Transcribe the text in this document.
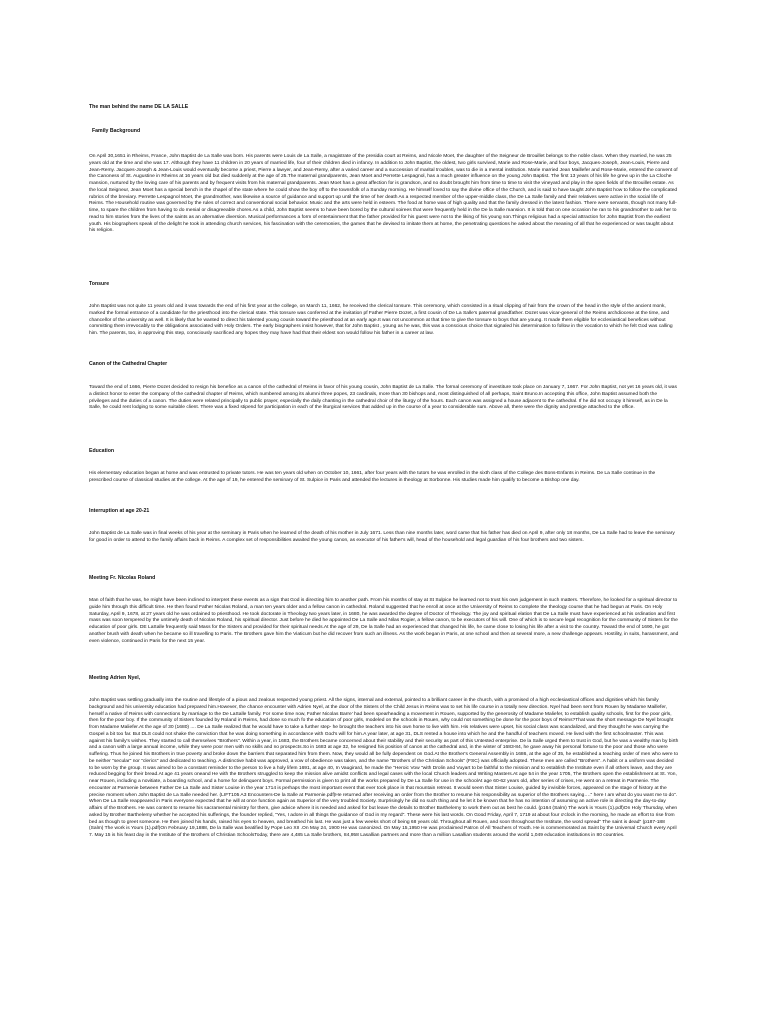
The man behind the name DE LA SALLE
Family Background

On April 30,1651 in Rheims, France, John Baptist de La Salle was born. His parents were Louis de La Salle, a magistrate of the presidia court at Reims, and Nicole Moet, the daughter of the Seigneur de Brouillet belongs to the noble class. When they married, he was 25 years old at the time and she was 17. Although they have 11 children in 20 years of married life, four of their children died in infancy. In addition to John Baptist, the oldest, two girls survived, Marie and Rose-Marie, and four boys, Jacques-Joseph, Jean-Louis, Pierre and Jean-Remy. Jacques-Joseph & Jean-Louis would eventually become a priest, Pierre a lawyer, and Jean-Remy, after a varied career and a succession of marital troubles, was to die in a mental institution. Marie married Jean Maillefer and Rose-Marie, entered the convent of the Canoness of St. Augustine in Rheims at 16 years old but died suddenly at the age of 25.The maternal grandparents, Jean Moet and Perrette Lespagnol, has a much greater influence on the young John Baptist. The first 13 years of his life he grew up in the La Cloche mansion, nurtured by the loving care of his parents and by frequent visits from his maternal grandparents. Jean Moet has a great affection for is grandson, and no doubt brought him from time to time to visit the vineyard and play in the open fields of the Brouillet estate. As the local Seigneur, Jean Moet has a special bench in the chapel of the state where he could show the boy off to the townsfolk of a Sunday morning. He himself loved to say the divine office of the Church, and is said to have taught John Baptist how to follow the complicated rubrics of the breviary. Perrette Lespagnol Moet, the grandmother, was likewise a source of guidance and support up until the time of her death As a respected member of the upper-middle class, the De La Salle family and their relatives were active in the social life of Reims. The Household routine was governed by the rules of correct and conventional social behavior. Music and the arts were held in esteem. The food at home was of high quality and that the family dressed in the latest fashion. There were servants, though not many full-time, to spare the children from having to do menial or disagreeable chores.As a child, John Baptist seems to have been bored by the cultural soirees that were frequently held in the De la Salle mansion. It is told that on one occasion he ran to his grandmother to ask her to read to him stories from the lives of the saints as an alternative diversion. Musical performances a form of entertainment that the father provided for his guest were not to the liking of his young son.Things religious had a special attraction for John Baptist from the earliest youth. His biographers speak of the delight he took in attending church services, his fascination with the ceremonies, the games that he devised to imitate them at home, the penetrating questions he asked about the meaning of all that he experienced or was taught about his religion.

Tonsure

John Baptist was not quite 11 years old and it was towards the end of his first year at the college, on March 11, 1662, he received the clerical tonsure. This ceremony, which consisted in a ritual clipping of hair from the crown of the head in the style of the ancient monk, marked the formal entrance of a candidate for the priesthood into the clerical state. This tonsure was conferred at the invitation pf Father Pierre Dozet, a first cousin of De La Salle's paternal grandfather. Dozet was vicar-general of the Reims archdiocese at the time, and chancellor of the university as well. It is likely that he wanted to direct his talented young cousin toward the priesthood at an early age.It was not uncommon at that time to give the tonsure to boys that are young. It made them eligible for ecclesiastical benefices without committing them irrevocably to the obligations associated with Holy Orders. The early biographers insist however, that for John Baptist , young as he was, this was a conscious choice that signaled his determination to follow in the vocation to which he felt God was calling him. The parents, too, in approving this step, consciously sacrificed any hopes they may have had that their eldest son would follow his father in a career at law.

Canon of the Cathedral Chapter

Toward the end of 1666, Pierre Dozet decided to resign his benefice as a canon of the cathedral of Reims in favor of his young cousin, John Baptist de La Salle. The formal ceremony of investiture took place on January 7, 1667. For John Baptist, not yet 16 years old, it was a distinct honor to enter the company of the cathedral chapter of Reims, which numbered among its alumni three popes, 23 cardinals, more than 30 bishops and, most distinguished of all perhaps, Saint Bruno.In accepting this office, John Baptist assumed both the privileges and the duties of a canon. The duties were related principally to public prayer, especially the daily chanting in the cathedral choir of the liturgy of the hours. Each canon was assigned a house adjacent to the cathedral. If he did not occupy it himself, as in De la Salle, he could rent lodging to some suitable client. There was a fixed stipend for participation in each of the liturgical services that added up in the course of a year to considerable sum. Above all, there were the dignity and prestige attached to the office.

Education

His elementary education began at home and was entrusted to private tutors. He was ten years old when on October 10, 1661, after four years with the tutors he was enrolled in the sixth class of the College des Bons-Enfants in Reims. De La Salle continue in the prescribed course of classical studies at the college. At the age of 19, he entered the seminary of St. Sulpice in Paris and attended the lectures in theology at Sorbonne. His studies made him qualify to become a Bishop one day.

Interruption at age 20-21

John Baptist de La Salle was in final weeks of his year at the seminary in Paris when he learned of the death of his mother in July 1671. Less than nine months later, word came that his father has died on April 9, after only 18 months, De La Salle had to leave the seminary for good in order to attend to the family affairs back in Reims. A complex set of responsibilities awaited the young canon, as executor of his father's will, head of the household and legal guardian of his four brothers and two sisters.

Meeting Fr. Nicolas Roland

Man of faith that he was, he might have been inclined to interpret these events as a sign that God is directing him to another path. From his months of stay at St Sulpice he learned not to trust his own judgement in such matters. Therefore, he looked for a spiritual director to guide him through this difficult time. He then found Father Nicolas Roland, a man ten years older and a fellow canon in cathedral. Roland suggested that he enroll at once at the University of Reims to complete the theology course that he had begun at Paris. On Holy Saturday, April 9, 1678, at 27 years old he was ordained to priesthood. He took doctorate in Theology two years later, in 1680, he was awarded the degree of Doctor of Theology. The joy and spiritual elation that De La Salle must have experienced at his ordination and first mass was soon tempered by the untimely death of Nicolas Roland, his spiritual director. Just before he died he appointed De La Salle and Nilas Rogier, a fellow canon, to be executors of his will. One of which is to secure legal recognition for the community of Sisters for the education of poor girls. DE LaSalle frequently said Mass for the Sisters and provided for their spiritual needs.At the age of 29, De la Salle had an experienced that changed his life, he came close to losing his life after a visit to the country. Toward the end of 1690, he got another brush with death when he became so ill travelling to Paris. The Brothers gave him the Viaticum but he did recover from such an illness. As the work began in Paris, at one school and then at several more, a new challenge appears. Hostility, in suits, harassment, and even violence, continued in Paris for the next 15 year.

Meeting Adrien Nyel,

John Baptist was settling gradually into the routine and lifestyle of a pious and zealous respected young priest. All the signs, internal and external, pointed to a brilliant career in the church, with a promised of a high ecclesiastical offices and dignities which his family background and his university education had prepared him.However, the chance encounter with Adrien Nyel, at the door of the Sisters of the Child Jesus in Reims was to set his life course in a totally new direction. Nyel had been sent from Rouen by Madame Maillefer, herself a native of Reims with connections by marriage to the De LaSalle family. For some time now, Father Nicolas Barre' had been spearheading a movement in Rouen, supported by the generosity of Madame Maliefer, to establish quality schools, first for the poor girls, then for the poor boy. If the community of Sisters founded by Roland in Reims, had done so much fo the education of poor girls, modeled on the schools in Rouen, why could not something be done for the poor boys of Reims?That was the short message De Nyel brought from Madame Maliefer.At the age of 30 (1680) .... De La Salle realized that he would have to take a further step- he brought the teachers into his own home to live with him. His relatives were upset, his social class was scandalized, and they thought he was carrying the Gospel a bit too far. But DLS could not shake the conviction that he was doing something in accordance with God's will for him.A year later, at age 31, DLS rented a house into which he and the handful of teachers moved. He lived with the first schoolmaster. This was against his family's wishes. They started to call themselves "Brothers". Within a year, in 1683, the Brothers became concerned about their stability and their security as part of this Untested enterprise. De la Salle urged them to trust in God, but he was a wealthy man by birth and a canon with a large annual income, while they were poor men with no skills and no prospects.So in 1683 at age 32, he resigned his position of canon at the cathedral and, in the winter of 1683-84, he gave away his personal fortune to the poor and those who were suffering. Thus he joined his Brothers in true poverty and broke down the barriers that separated him from them. Now, they would all be fully dependent on God.At the Brother's General Assembly in 1686, at the age of 35, he established a teaching order of men who were to be neither "secular" nor "clerics" and dedicated to teaching. A distinctive habit was approved, a vow of obedience was taken, and the name "Brothers of the Christian Schools" (FSC) was officially adopted. These men are called "Brothers". A habit or a uniform was decided to be worn by the group. It was aimed to be a constant reminder to the person to live a holy lifeIn 1691, at age 40, In Vaugirard, he made the "Heroic Vow "with Drolin and Vuyart to be faithful to the mission and to establish the Institute even if all others leave, and they are reduced begging for their bread.At age 41 years oneand He with the Brothers struggled to keep the mission alive amidst conflicts and legal cases with the local Church leaders and Writing Masters.At age 54 in the year 1705, The Brothers open the establishment at St. Yon, near Rouen, including a novitiate, a boarding school, and a home for delinquent boys. Formal permission is given to print all the works prepared by De La Salle for use in the schoolAt age 60-62 years old, after series of crises, He went on a retreat in Parmenie. The encounter at Parmenie between Father De La Salle and Sister Louise in the year 1714 is perhaps the most important event that ever took place in that mountain retreat. It would seem that Sister Louise, guided by invisible forces, appeared on the stage of history at the precise moment when John Baptist de La Salle needed her. (LIFT105 A3 Encounters-De la Salle at Parmenie.pdf)He returned after receiving an order from the Brother to resume his responsibility as superior of the Brothers saying…." here I am what do you want me to do". When De La Salle reappeared in Paris everyone expected that he will at once function again as Superior of the very troubled Society. Surprisingly he did no such thing and he let it be known that he has no intention of assuming an active role in directing the day-to-day affairs of the Brothers. He was content to resume his sacramental ministry for them, give advice where it is needed and asked for but leave the details to Brother Barthelemy to work them out as best he could. (p164 (Salm) The work is Yours (1).pdf)On Holy Thursday, when asked by Brother Barthelemy whether he accepted his sufferings, the founder replied, "Yes, I adore in all things the guidance of God in my regard". These were his last words. On Good Friday, April 7, 1719 at about four o'clock in the morning, he made an effort to rise from bed as though to greet someone. He then joined his hands, raised his eyes to heaven, and breathed his last. He was just a few weeks short of being 68 years old. Throughout all Rouen, and soon throughout the Institute, the word spread" The saint is dead" (p187-188 (Salm) The work is Yours (1).pdf)On February 19,1888, De la Salle was beatified by Pope Leo XII .On May 24, 1900 He was canonized. On May 15,1950 He was proclaimed Patron of All Teachers of Youth. He is commemorated as Saint by the Universal Church every April 7. May 15 is his feast day in the Institute of the Brothers of Christian SchoolsToday, there are 4,485 La Salle brothers, 84,958 Lasallian partners and more than a million Lasallian students around the world 1,049 education institutions in 80 countries.
